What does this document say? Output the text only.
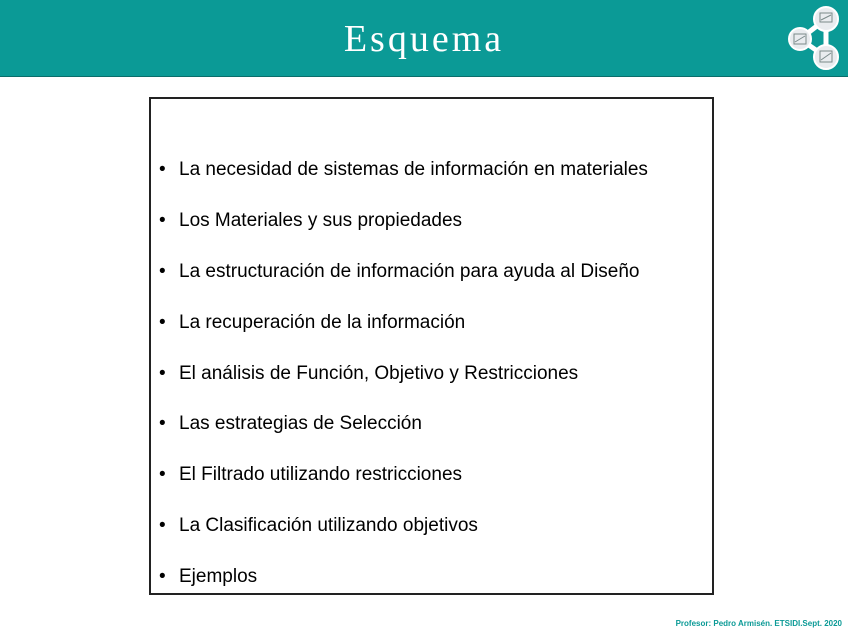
Esquema
• La necesidad de sistemas de información en materiales
• Los Materiales y sus propiedades
• La estructuración de información para ayuda al Diseño
• La recuperación de la información
• El análisis de Función, Objetivo y Restricciones
• Las estrategias de Selección
• El Filtrado utilizando restricciones
• La Clasificación utilizando objetivos
• Ejemplos
Profesor: Pedro Armisén. ETSIDI.Sept. 2020
